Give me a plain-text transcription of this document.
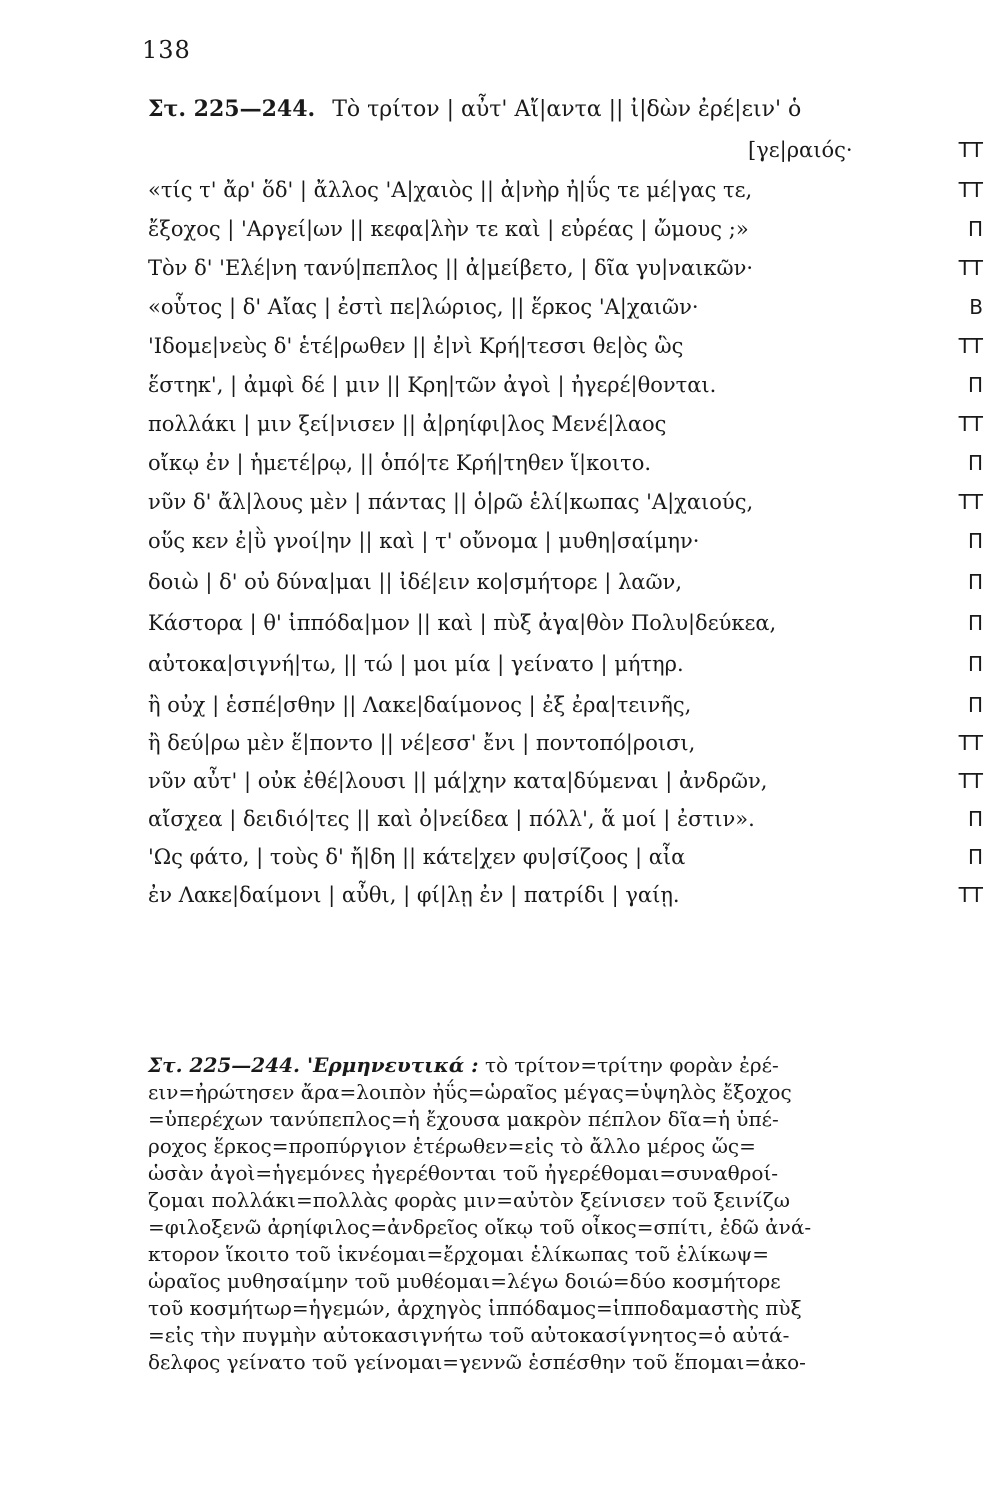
138
Στ. 225—244. Τὸ τρίτον | αὖτ' Αἴ|αντα || ἰ|δὼν ἐρέ|ειν' ὁ
[γε|ραιός·	ΤΤ
«τίς τ' ἄρ' ὅδ' | ἄλλος 'Α|χαιὸς || ἀ|νὴρ ἠ|ΰς τε μέ|γας τε,	ΤΤ
ἔξοχος | 'Αργεί|ων || κεφα|λὴν τε καὶ | εὐρέας | ὤμους ;»	Π
Τὸν δ' 'Ελέ|νη τανύ|πεπλος || ἀ|μείβετο, | δῖα γυ|ναικῶν·	ΤΤ
«οὗτος | δ' Αἴας | ἐστὶ πε|λώριος, || ἕρκος 'Α|χαιῶν·	Β
'Ιδομε|νεὺς δ' ἑτέ|ρωθεν || ἐ|νὶ Κρή|τεσσι θε|ὸς ὣς	ΤΤ
ἕστηκ', | ἀμφὶ δέ | μιν || Κρη|τῶν ἀγοὶ | ἠγερέ|θονται.	Π
πολλάκι | μιν ξεί|νισεν || ἀ|ρηίφι|λος Μενέ|λαος	ΤΤ
οἴκῳ ἐν | ἡμετέ|ρῳ, || ὁπό|τε Κρή|τηθεν ἵ|κοιτο.	Π
νῦν δ' ἄλ|λους μὲν | πάντας || ὁ|ρῶ ἑλί|κωπας 'Α|χαιούς,	ΤΤ
οὕς κεν ἐ|ῢ γνοί|ην || καὶ | τ' οὔνομα | μυθη|σαίμην·	Π
δοιὼ | δ' οὐ δύνα|μαι || ἰδέ|ειν κο|σμήτορε | λαῶν,	Π
Κάστορα | θ' ἱππόδα|μον || καὶ | πὺξ ἀγα|θὸν Πολυ|δεύκεα,	Π
αὐτοκα|σιγνή|τω, || τώ | μοι μία | γείνατο | μήτηρ.	Π
ἢ οὐχ | ἑσπέ|σθην || Λακε|δαίμονος | ἐξ ἐρα|τεινῆς,	Π
ἢ δεύ|ρω μὲν ἕ|ποντο || νέ|εσσ' ἔνι | ποντοπό|ροισι,	ΤΤ
νῦν αὖτ' | οὐκ ἐθέ|λουσι || μά|χην κατα|δύμεναι | ἀνδρῶν,	ΤΤ
αἴσχεα | δειδιό|τες || καὶ ὀ|νείδεα | πόλλ', ἅ μοί | ἐστιν».	Π
'Ως φάτο, | τοὺς δ' ἤ|δη || κάτε|χεν φυ|σίζοος | αἶα	Π
ἐν Λακε|δαίμονι | αὖθι, | φί|λῃ ἐν | πατρίδι | γαίῃ.	ΤΤ
Στ. 225—244. 'Ερμηνευτικά : τὸ τρίτον=τρίτην φορὰν ἐρέ-
ειν=ἠρώτησεν ἄρα=λοιπὸν ἠΰς=ὡραῖος μέγας=ὑψηλὸς ἔξοχος
=ὑπερέχων τανύπεπλος=ἡ ἔχουσα μακρὸν πέπλον δῖα=ἡ ὑπέ-
ροχος ἕρκος=προπύργιον ἑτέρωθεν=εἰς τὸ ἄλλο μέρος ὥς=
ὡσὰν ἀγοὶ=ἡγεμόνες ἠγερέθονται τοῦ ἠγερέθομαι=συναθροί-
ζομαι πολλάκι=πολλὰς φορὰς μιν=αὐτὸν ξείνισεν τοῦ ξεινίζω
=φιλοξενῶ ἀρηίφιλος=ἀνδρεῖος οἴκῳ τοῦ οἶκος=σπίτι, ἐδῶ ἀνά-
κτορον ἵκοιτο τοῦ ἱκνέομαι=ἔρχομαι ἑλίκωπας τοῦ ἑλίκωψ=
ὡραῖος μυθησαίμην τοῦ μυθέομαι=λέγω δοιώ=δύο κοσμήτορε
τοῦ κοσμήτωρ=ἡγεμών, ἀρχηγὸς ἱππόδαμος=ἱπποδαμαστὴς πὺξ
=εἰς τὴν πυγμὴν αὐτοκασιγνήτω τοῦ αὐτοκασίγνητος=ὁ αὐτά-
δελφος γείνατο τοῦ γείνομαι=γεννῶ ἑσπέσθην τοῦ ἕπομαι=ἀκο-
